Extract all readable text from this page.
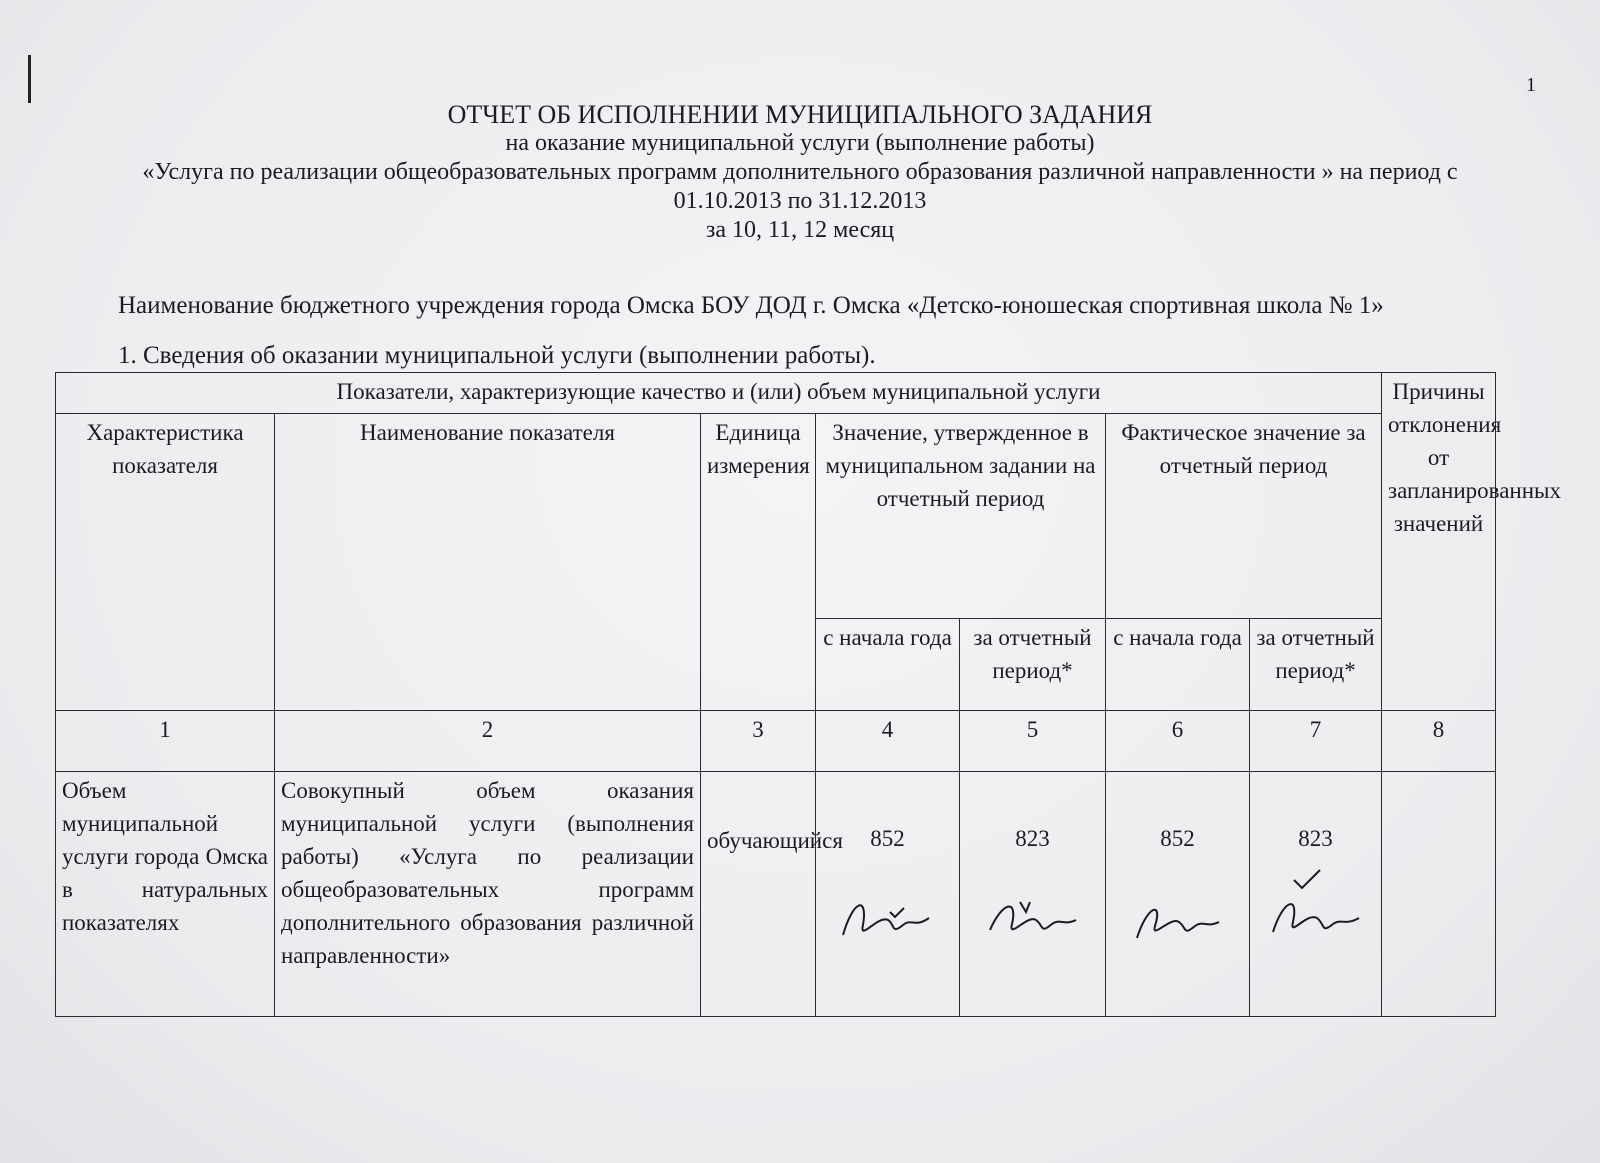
1
ОТЧЕТ ОБ ИСПОЛНЕНИИ МУНИЦИПАЛЬНОГО ЗАДАНИЯ
на оказание муниципальной услуги (выполнение работы)
«Услуга по реализации общеобразовательных программ дополнительного образования различной направленности » на период с
01.10.2013 по 31.12.2013
за 10, 11, 12 месяц
Наименование бюджетного учреждения города Омска БОУ ДОД г. Омска «Детско-юношеская спортивная школа № 1»
1. Сведения об оказании муниципальной услуги (выполнении работы).
Показатели, характеризующие качество и (или) объем муниципальной услуги							Причины отклонения от запланированных значений
Характеристика показателя	Наименование показателя	Единица измерения	Значение, утвержденное в муниципальном задании на отчетный период		Фактическое значение за отчетный период		
			с начала года	за отчетный период*	с начала года	за отчетный период*	
1	2	3	4	5	6	7	8
Объем муниципальной услуги города Омска в натуральных показателях	Совокупный объем оказания муниципальной услуги (выполнения работы) «Услуга по реализации общеобразовательных программ дополнительного образования различной направленности»	обучающийся	852	823	852	823
